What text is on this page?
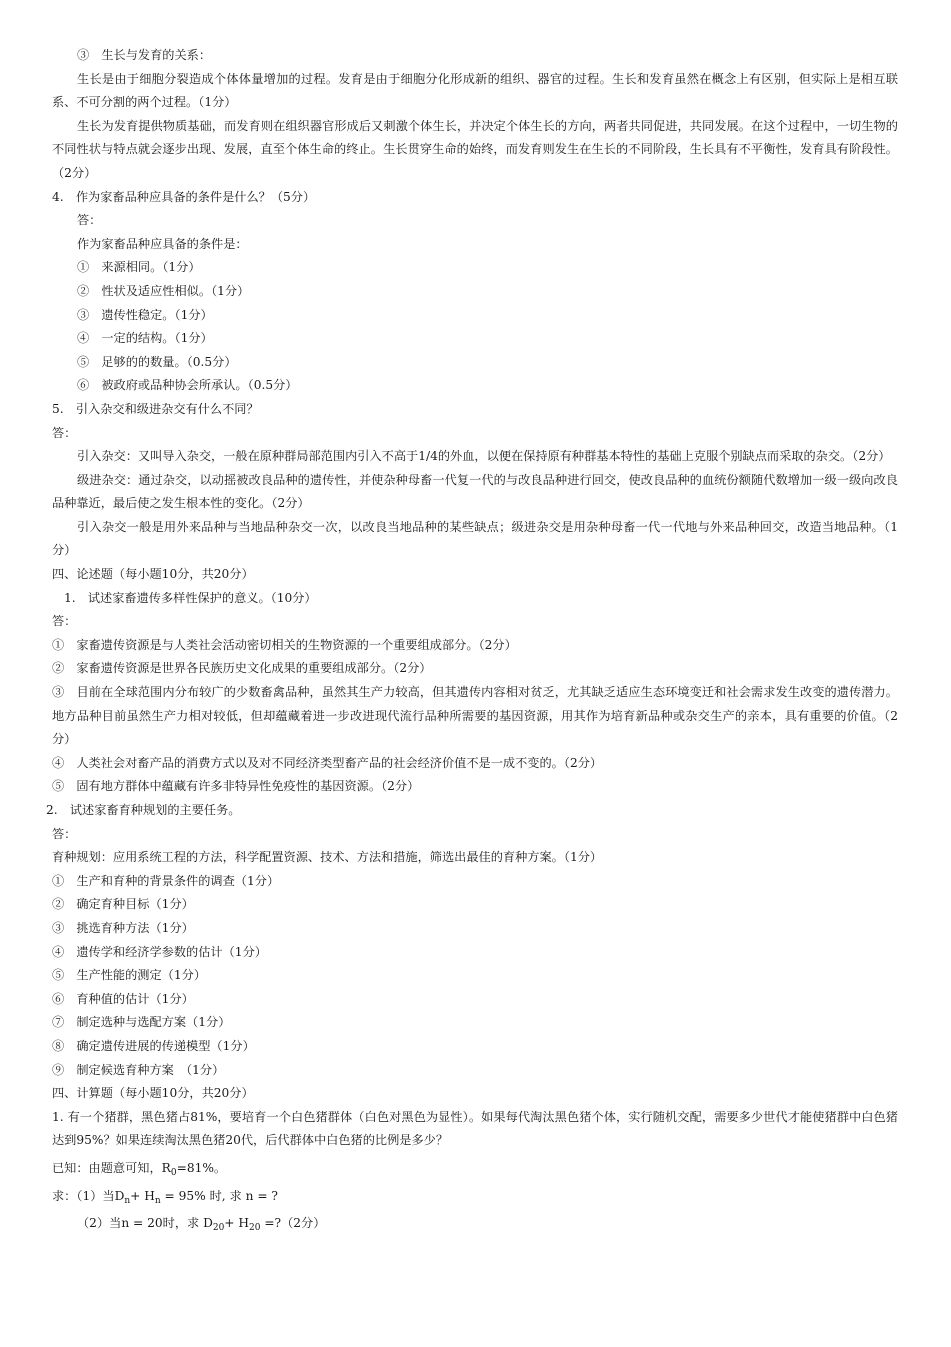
③　生长与发育的关系：
生长是由于细胞分裂造成个体体量增加的过程。发育是由于细胞分化形成新的组织、器官的过程。生长和发育虽然在概念上有区别，但实际上是相互联系、不可分割的两个过程。（1分）
生长为发育提供物质基础，而发育则在组织器官形成后又刺激个体生长，并决定个体生长的方向，两者共同促进，共同发展。在这个过程中，一切生物的不同性状与特点就会逐步出现、发展，直至个体生命的终止。生长贯穿生命的始终，而发育则发生在生长的不同阶段，生长具有不平衡性，发育具有阶段性。（2分）
4.　作为家畜品种应具备的条件是什么？（5分）
答：
作为家畜品种应具备的条件是：
①　来源相同。（1分）
②　性状及适应性相似。（1分）
③　遗传性稳定。（1分）
④　一定的结构。（1分）
⑤　足够的的数量。（0.5分）
⑥　被政府或品种协会所承认。（0.5分）
5.　引入杂交和级进杂交有什么不同？
答：
引入杂交：又叫导入杂交，一般在原种群局部范围内引入不高于1/4的外血，以便在保持原有种群基本特性的基础上克服个别缺点而采取的杂交。（2分）
级进杂交：通过杂交，以动摇被改良品种的遗传性，并使杂种母畜一代复一代的与改良品种进行回交，使改良品种的血统份额随代数增加一级一级向改良品种靠近，最后使之发生根本性的变化。（2分）
引入杂交一般是用外来品种与当地品种杂交一次，以改良当地品种的某些缺点；级进杂交是用杂种母畜一代一代地与外来品种回交，改造当地品种。（1分）
四、论述题（每小题10分，共20分）
1.　试述家畜遗传多样性保护的意义。（10分）
答：
①　家畜遗传资源是与人类社会活动密切相关的生物资源的一个重要组成部分。（2分）
②　家畜遗传资源是世界各民族历史文化成果的重要组成部分。（2分）
③　目前在全球范围内分布较广的少数畜禽品种，虽然其生产力较高，但其遗传内容相对贫乏，尤其缺乏适应生态环境变迁和社会需求发生改变的遗传潜力。地方品种目前虽然生产力相对较低，但却蕴藏着进一步改进现代流行品种所需要的基因资源，用其作为培育新品种或杂交生产的亲本，具有重要的价值。（2分）
④　人类社会对畜产品的消费方式以及对不同经济类型畜产品的社会经济价值不是一成不变的。（2分）
⑤　固有地方群体中蕴藏有许多非特异性免疫性的基因资源。（2分）
2.　试述家畜育种规划的主要任务。
答：
育种规划：应用系统工程的方法，科学配置资源、技术、方法和措施，筛选出最佳的育种方案。（1分）
①　生产和育种的背景条件的调查（1分）
②　确定育种目标（1分）
③　挑选育种方法（1分）
④　遗传学和经济学参数的估计（1分）
⑤　生产性能的测定（1分）
⑥　育种值的估计（1分）
⑦　制定选种与选配方案（1分）
⑧　确定遗传进展的传递模型（1分）
⑨　制定候选育种方案　（1分）
四、计算题（每小题10分，共20分）
1. 有一个猪群，黑色猪占81%，要培育一个白色猪群体（白色对黑色为显性）。如果每代淘汰黑色猪个体，实行随机交配，需要多少世代才能使猪群中白色猪达到95%？如果连续淘汰黑色猪20代，后代群体中白色猪的比例是多少？
已知：由题意可知，$R_0=81\%$。
求：（1）当$D_n+ H_n = 95\%$ 时, 求 n = ?
（2）当n = 20时，求 $D_{20}+ H_{20}$ =?（2分）
